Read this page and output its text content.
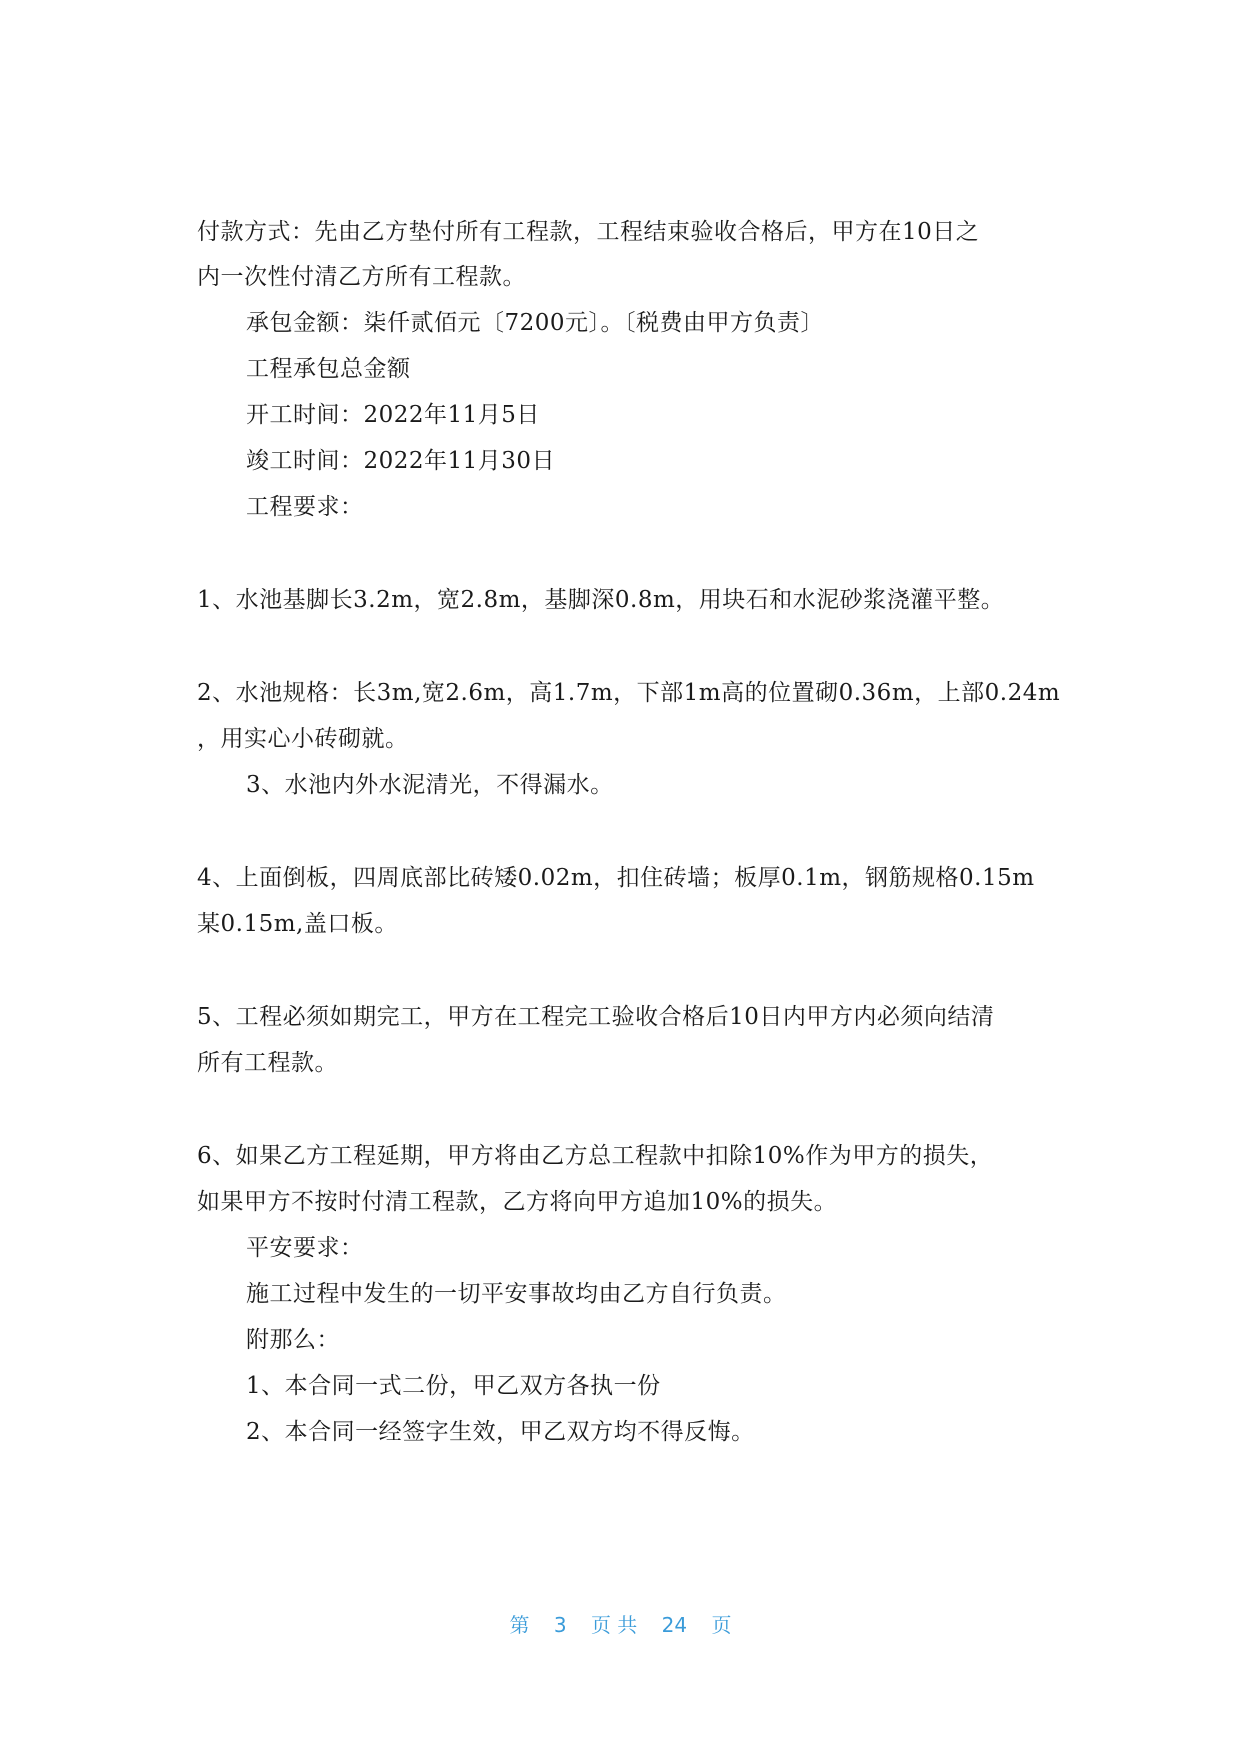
付款方式：先由乙方垫付所有工程款，工程结束验收合格后，甲方在10日之
内一次性付清乙方所有工程款。
承包金额：柒仟贰佰元〔7200元〕。〔税费由甲方负责〕
工程承包总金额
开工时间：2022年11月5日
竣工时间：2022年11月30日
工程要求：
1、水池基脚长3.2m，宽2.8m，基脚深0.8m，用块石和水泥砂浆浇灌平整。
2、水池规格：长3m,宽2.6m，高1.7m，下部1m高的位置砌0.36m，上部0.24m
，用实心小砖砌就。
3、水池内外水泥清光，不得漏水。
4、上面倒板，四周底部比砖矮0.02m，扣住砖墙；板厚0.1m，钢筋规格0.15m
某0.15m,盖口板。
5、工程必须如期完工，甲方在工程完工验收合格后10日内甲方内必须向结清
所有工程款。
6、如果乙方工程延期，甲方将由乙方总工程款中扣除10%作为甲方的损失，
如果甲方不按时付清工程款，乙方将向甲方追加10%的损失。
平安要求：
施工过程中发生的一切平安事故均由乙方自行负责。
附那么：
1、本合同一式二份，甲乙双方各执一份
2、本合同一经签字生效，甲乙双方均不得反悔。
第 3 页 共 24 页
